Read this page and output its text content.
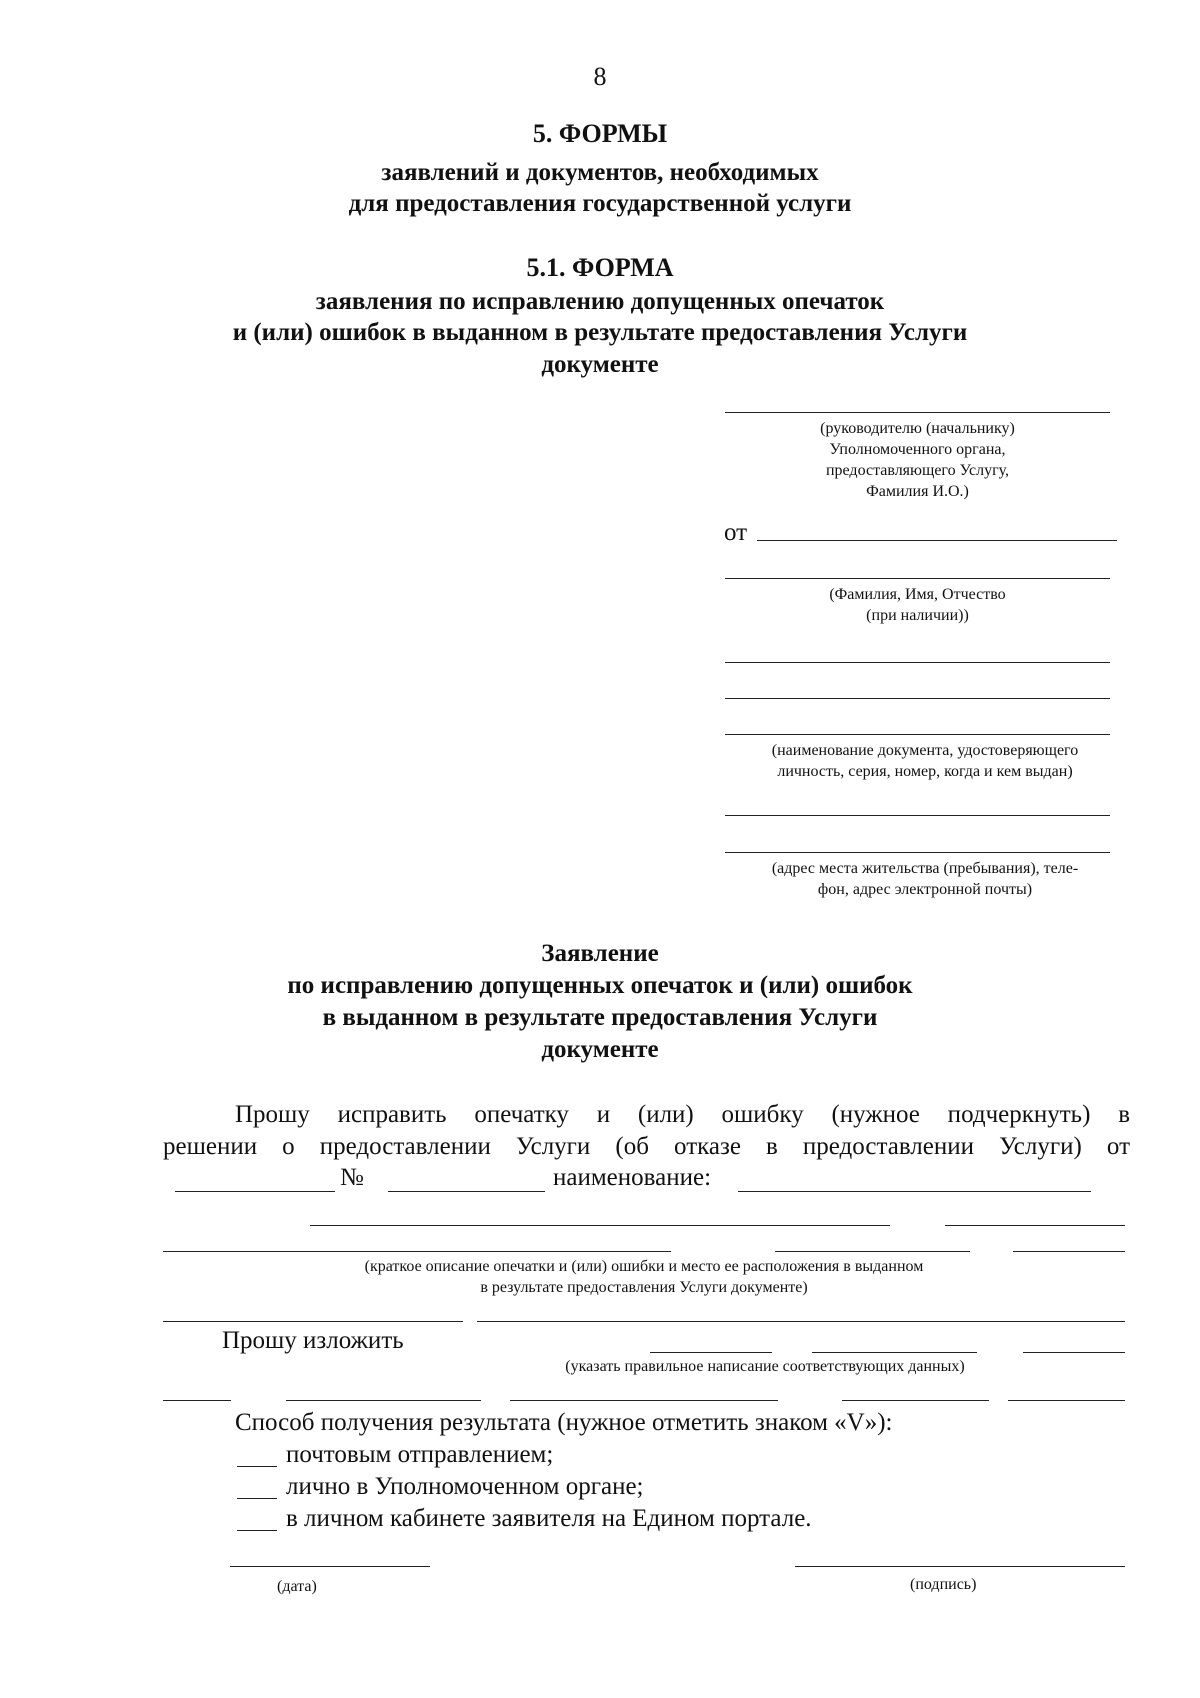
8
5. ФОРМЫ
заявлений и документов, необходимых
для предоставления государственной услуги
5.1. ФОРМА
заявления по исправлению допущенных опечаток
и (или) ошибок в выданном в результате предоставления Услуги
документе
(руководителю (начальнику)
Уполномоченного органа,
предоставляющего Услугу,
Фамилия И.О.)
от
(Фамилия, Имя, Отчество
(при наличии))
(наименование документа, удостоверяющего
личность, серия, номер, когда и кем выдан)
(адрес места жительства (пребывания), теле-
фон, адрес электронной почты)
Заявление
по исправлению допущенных опечаток и (или) ошибок
в выданном в результате предоставления Услуги
документе
Прошу исправить опечатку и (или) ошибку (нужное подчеркнуть) в
решении о предоставлении Услуги (об отказе в предоставлении Услуги) от
№	наименование:
(краткое описание опечатки и (или) ошибки и место ее расположения в выданном
в результате предоставления Услуги документе)
Прошу изложить
(указать правильное написание соответствующих данных)
Способ получения результата (нужное отметить знаком «V»):
почтовым отправлением;
лично в Уполномоченном органе;
в личном кабинете заявителя на Едином портале.
(дата)	(подпись)
